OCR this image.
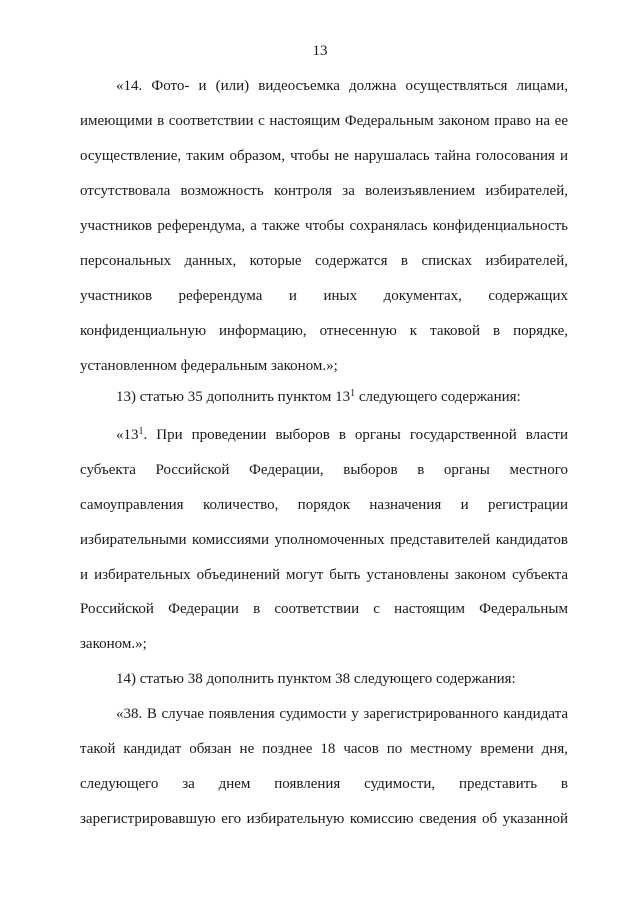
13
«14. Фото- и (или) видеосъемка должна осуществляться лицами,
имеющими в соответствии с настоящим Федеральным законом право на ее
осуществление, таким образом, чтобы не нарушалась тайна голосования и
отсутствовала возможность контроля за волеизъявлением избирателей,
участников референдума, а также чтобы сохранялась конфиденциальность
персональных данных, которые содержатся в списках избирателей,
участников референдума и иных документах, содержащих
конфиденциальную информацию, отнесенную к таковой в порядке,
установленном федеральным законом.»;
13) статью 35 дополнить пунктом $13^1$ следующего содержания:
«$13^1$. При проведении выборов в органы государственной власти
субъекта Российской Федерации, выборов в органы местного
самоуправления количество, порядок назначения и регистрации
избирательными комиссиями уполномоченных представителей кандидатов
и избирательных объединений могут быть установлены законом субъекта
Российской Федерации в соответствии с настоящим Федеральным
законом.»;
14) статью 38 дополнить пунктом 38 следующего содержания:
«38. В случае появления судимости у зарегистрированного кандидата
такой кандидат обязан не позднее 18 часов по местному времени дня,
следующего за днем появления судимости, представить в
зарегистрировавшую его избирательную комиссию сведения об указанной
